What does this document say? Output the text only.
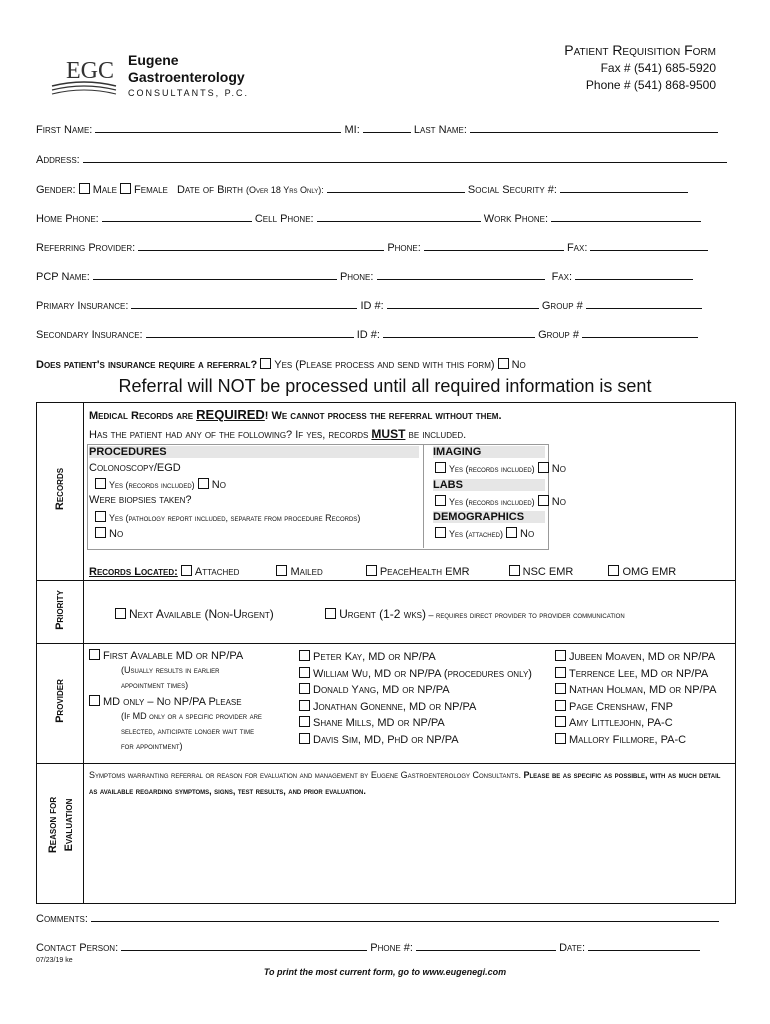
EGC Eugene
Gastroenterology
CONSULTANTS, P.C.
Patient Requisition Form
Fax # (541) 685-5920
Phone # (541) 868-9500
First Name:	MI:	Last Name:
Address:
Gender: Male Female Date of Birth (Over 18 Yrs Only):	Social Security #:
Home Phone:	Cell Phone:	Work Phone:
Referring Provider:	Phone:	Fax:
PCP Name:	Phone:	Fax:
Primary Insurance:	ID #:	Group #
Secondary Insurance:	ID #:	Group #
Does patient's insurance require a referral? Yes (Please process and send with this form) No
Referral will NOT be processed until all required information is sent
Records
Medical Records are REQUIRED! We cannot process the referral without them.
Has the patient had any of the following? If yes, records MUST be included.
PROCEDURES
Colonoscopy/EGD
Yes (records included) No
Were biopsies taken?
Yes (pathology report included, separate from procedure Records)
No
IMAGING
Yes (records included) No
LABS
Yes (records included) No
DEMOGRAPHICS
Yes (attached) No
Records Located: Attached	Mailed	PeaceHealth EMR	NSC EMR	OMG EMR
Priority	Next Available (Non-Urgent)	Urgent (1-2 wks) – requires direct provider to provider communication
Provider
First Avalable MD or NP/PA
(Usually results in earlier
appointment times)
MD only – No NP/PA Please
(If MD only or a specific provider are
selected, anticipate longer wait time
for appointment)
Peter Kay, MD or NP/PA
William Wu, MD or NP/PA (procedures only)
Donald Yang, MD or NP/PA
Jonathan Gonenne, MD or NP/PA
Shane Mills, MD or NP/PA
Davis Sim, MD, PhD or NP/PA
Jubeen Moaven, MD or NP/PA
Terrence Lee, MD or NP/PA
Nathan Holman, MD or NP/PA
Page Crenshaw, FNP
Amy Littlejohn, PA-C
Mallory Fillmore, PA-C
Reason for Evaluation
Symptoms warranting referral or reason for evaluation and management by Eugene Gastroenterology Consultants. Please be as specific as possible, with as much detail as available regarding symptoms, signs, test results, and prior evaluation.
Comments:
Contact Person:	Phone #:	Date:
07/23/19 ke
To print the most current form, go to www.eugenegi.com
